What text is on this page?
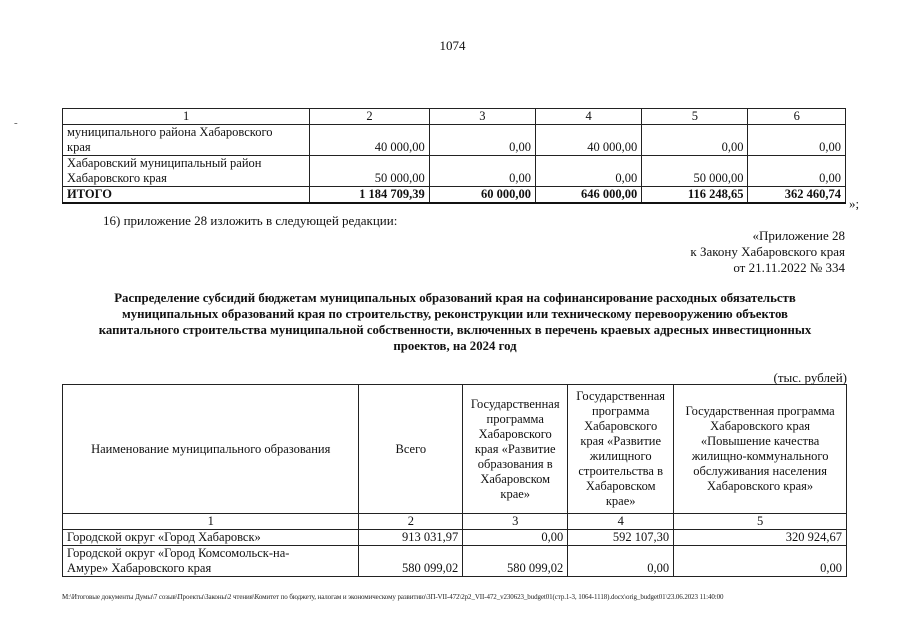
1074
-	1	2	3	4	5	6

муниципального района Хабаровского
края	40 000,00	0,00	40 000,00	0,00	0,00

Хабаровский муниципальный район
Хабаровского края	50 000,00	0,00	0,00	50 000,00	0,00
ИТОГО	1 184 709,39	60 000,00	646 000,00	116 248,65	362 460,74
»;
16) приложение 28 изложить в следующей редакции:
«Приложение 28
к Закону Хабаровского края
от 21.11.2022 № 334
Распределение субсидий бюджетам муниципальных образований края на софинансирование расходных обязательств
муниципальных образований края по строительству, реконструкции или техническому перевооружению объектов
капитального строительства муниципальной собственности, включенных в перечень краевых адресных инвестиционных
проектов, на 2024 год
(тыс. рублей)
Наименование муниципального образования	Всего	Государственная программа Хабаровского края «Развитие образования в Хабаровском крае»	Государственная программа Хабаровского края «Развитие жилищного строительства в Хабаровском крае»	Государственная программа Хабаровского края «Повышение качества жилищно-коммунального обслуживания населения Хабаровского края»
1	2	3	4	5
Городской округ «Город Хабаровск»	913 031,97	0,00	592 107,30	320 924,67

Городской округ «Город Комсомольск-на-
Амуре» Хабаровского края	580 099,02	580 099,02	0,00	0,00
M:\Итоговые документы Думы\7 созыв\Проекты\Законы\2 чтения\Комитет по бюджету, налогам и экономическому развитию\3П-VII-472\2р2_VII-472_v230623_budget01(стр.1-3, 1064-1118).docx\orig_budget01\23.06.2023 11:40:00
